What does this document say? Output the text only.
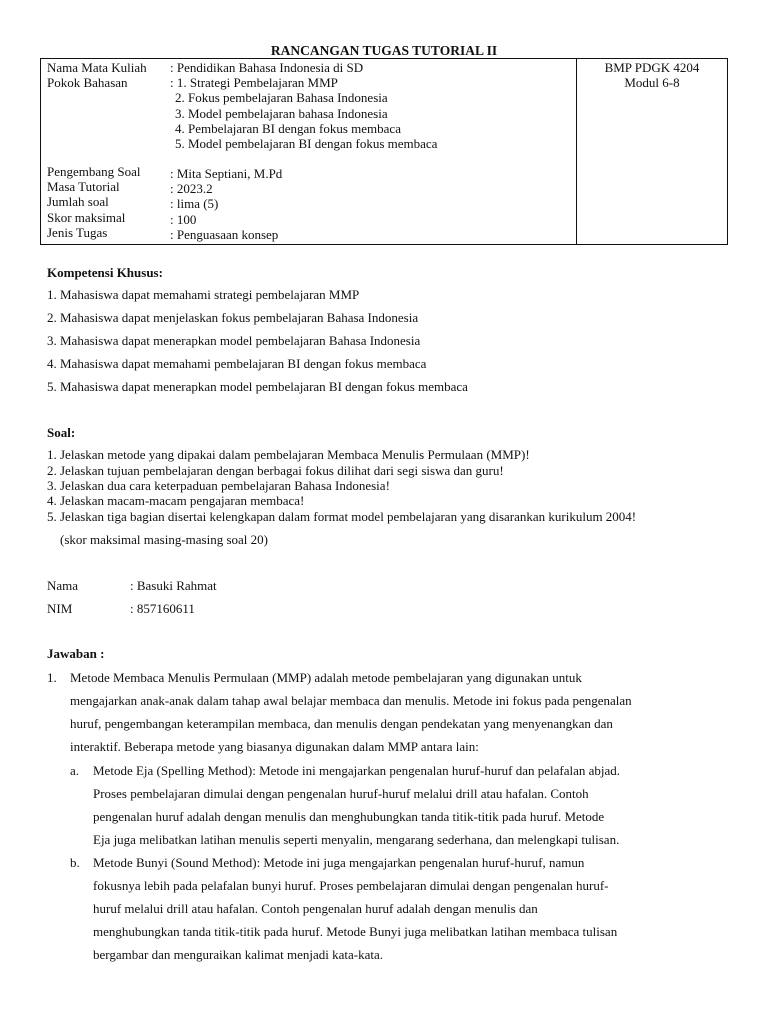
RANCANGAN TUGAS TUTORIAL II
Nama Mata Kuliah
Pokok Bahasan
: Pendidikan Bahasa Indonesia di SD
: 1. Strategi Pembelajaran MMP
2. Fokus pembelajaran Bahasa Indonesia
3. Model pembelajaran bahasa Indonesia
4. Pembelajaran BI dengan fokus membaca
5. Model pembelajaran BI dengan fokus membaca
Pengembang Soal
Masa Tutorial
Jumlah soal
Skor maksimal
Jenis Tugas
: Mita Septiani, M.Pd
: 2023.2
: lima (5)
: 100
: Penguasaan konsep
BMP PDGK 4204
Modul 6-8
Kompetensi Khusus:
1. Mahasiswa dapat memahami strategi pembelajaran MMP
2. Mahasiswa dapat menjelaskan fokus pembelajaran Bahasa Indonesia
3. Mahasiswa dapat menerapkan model pembelajaran Bahasa Indonesia
4. Mahasiswa dapat memahami pembelajaran BI dengan fokus membaca
5. Mahasiswa dapat menerapkan model pembelajaran BI dengan fokus membaca
Soal:
1. Jelaskan metode yang dipakai dalam pembelajaran Membaca Menulis Permulaan (MMP)!
2. Jelaskan tujuan pembelajaran dengan berbagai fokus dilihat dari segi siswa dan guru!
3. Jelaskan dua cara keterpaduan pembelajaran Bahasa Indonesia!
4. Jelaskan macam-macam pengajaran membaca!
5. Jelaskan tiga bagian disertai kelengkapan dalam format model pembelajaran yang disarankan kurikulum 2004!
(skor maksimal masing-masing soal 20)
Nama	: Basuki Rahmat
NIM	: 857160611
Jawaban :
1. Metode Membaca Menulis Permulaan (MMP) adalah metode pembelajaran yang digunakan untuk
mengajarkan anak-anak dalam tahap awal belajar membaca dan menulis. Metode ini fokus pada pengenalan
huruf, pengembangan keterampilan membaca, dan menulis dengan pendekatan yang menyenangkan dan
interaktif. Beberapa metode yang biasanya digunakan dalam MMP antara lain:
a. Metode Eja (Spelling Method): Metode ini mengajarkan pengenalan huruf-huruf dan pelafalan abjad.
Proses pembelajaran dimulai dengan pengenalan huruf-huruf melalui drill atau hafalan. Contoh
pengenalan huruf adalah dengan menulis dan menghubungkan tanda titik-titik pada huruf. Metode
Eja juga melibatkan latihan menulis seperti menyalin, mengarang sederhana, dan melengkapi tulisan.
b. Metode Bunyi (Sound Method): Metode ini juga mengajarkan pengenalan huruf-huruf, namun
fokusnya lebih pada pelafalan bunyi huruf. Proses pembelajaran dimulai dengan pengenalan huruf-
huruf melalui drill atau hafalan. Contoh pengenalan huruf adalah dengan menulis dan
menghubungkan tanda titik-titik pada huruf. Metode Bunyi juga melibatkan latihan membaca tulisan
bergambar dan menguraikan kalimat menjadi kata-kata.
